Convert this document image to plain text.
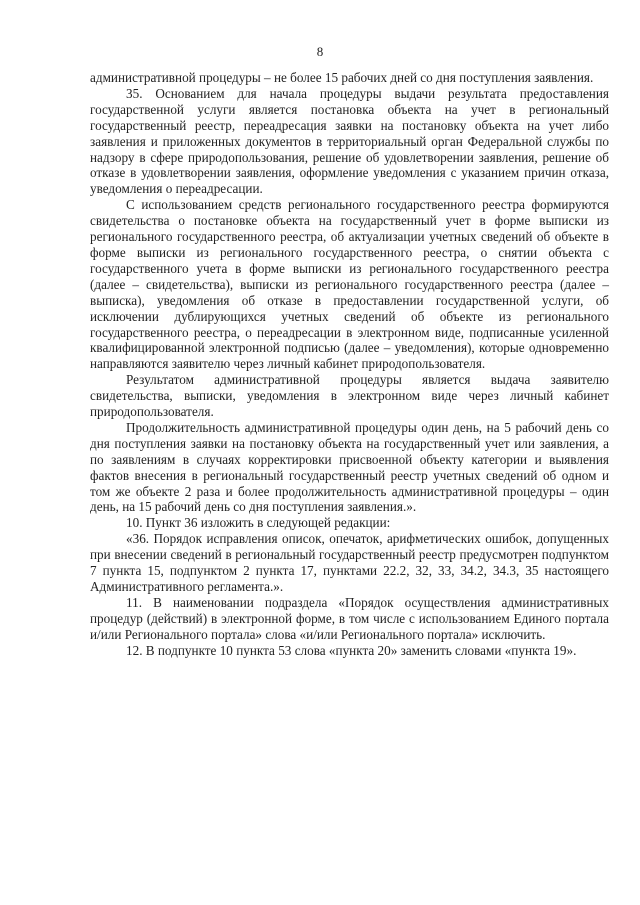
8

административной процедуры – не более 15 рабочих дней со дня поступления заявления.

35. Основанием для начала процедуры выдачи результата предоставления государственной услуги является постановка объекта на учет в региональный государственный реестр, переадресация заявки на постановку объекта на учет либо заявления и приложенных документов в территориальный орган Федеральной службы по надзору в сфере природопользования, решение об удовлетворении заявления, решение об отказе в удовлетворении заявления, оформление уведомления с указанием причин отказа, уведомления о переадресации.

С использованием средств регионального государственного реестра формируются свидетельства о постановке объекта на государственный учет в форме выписки из регионального государственного реестра, об актуализации учетных сведений об объекте в форме выписки из регионального государственного реестра, о снятии объекта с государственного учета в форме выписки из регионального государственного реестра (далее – свидетельства), выписки из регионального государственного реестра (далее – выписка), уведомления об отказе в предоставлении государственной услуги, об исключении дублирующихся учетных сведений об объекте из регионального государственного реестра, о переадресации в электронном виде, подписанные усиленной квалифицированной электронной подписью (далее – уведомления), которые одновременно направляются заявителю через личный кабинет природопользователя.

Результатом административной процедуры является выдача заявителю свидетельства, выписки, уведомления в электронном виде через личный кабинет природопользователя.

Продолжительность административной процедуры один день, на 5 рабочий день со дня поступления заявки на постановку объекта на государственный учет или заявления, а по заявлениям в случаях корректировки присвоенной объекту категории и выявления фактов внесения в региональный государственный реестр учетных сведений об одном и том же объекте 2 раза и более продолжительность административной процедуры – один день, на 15 рабочий день со дня поступления заявления.».

10. Пункт 36 изложить в следующей редакции:

«36. Порядок исправления описок, опечаток, арифметических ошибок, допущенных при внесении сведений в региональный государственный реестр предусмотрен подпунктом 7 пункта 15, подпунктом 2 пункта 17, пунктами 22.2, 32, 33, 34.2, 34.3, 35 настоящего Административного регламента.».

11. В наименовании подраздела «Порядок осуществления административных процедур (действий) в электронной форме, в том числе с использованием Единого портала и/или Регионального портала» слова «и/или Регионального портала» исключить.

12. В подпункте 10 пункта 53 слова «пункта 20» заменить словами «пункта 19».
